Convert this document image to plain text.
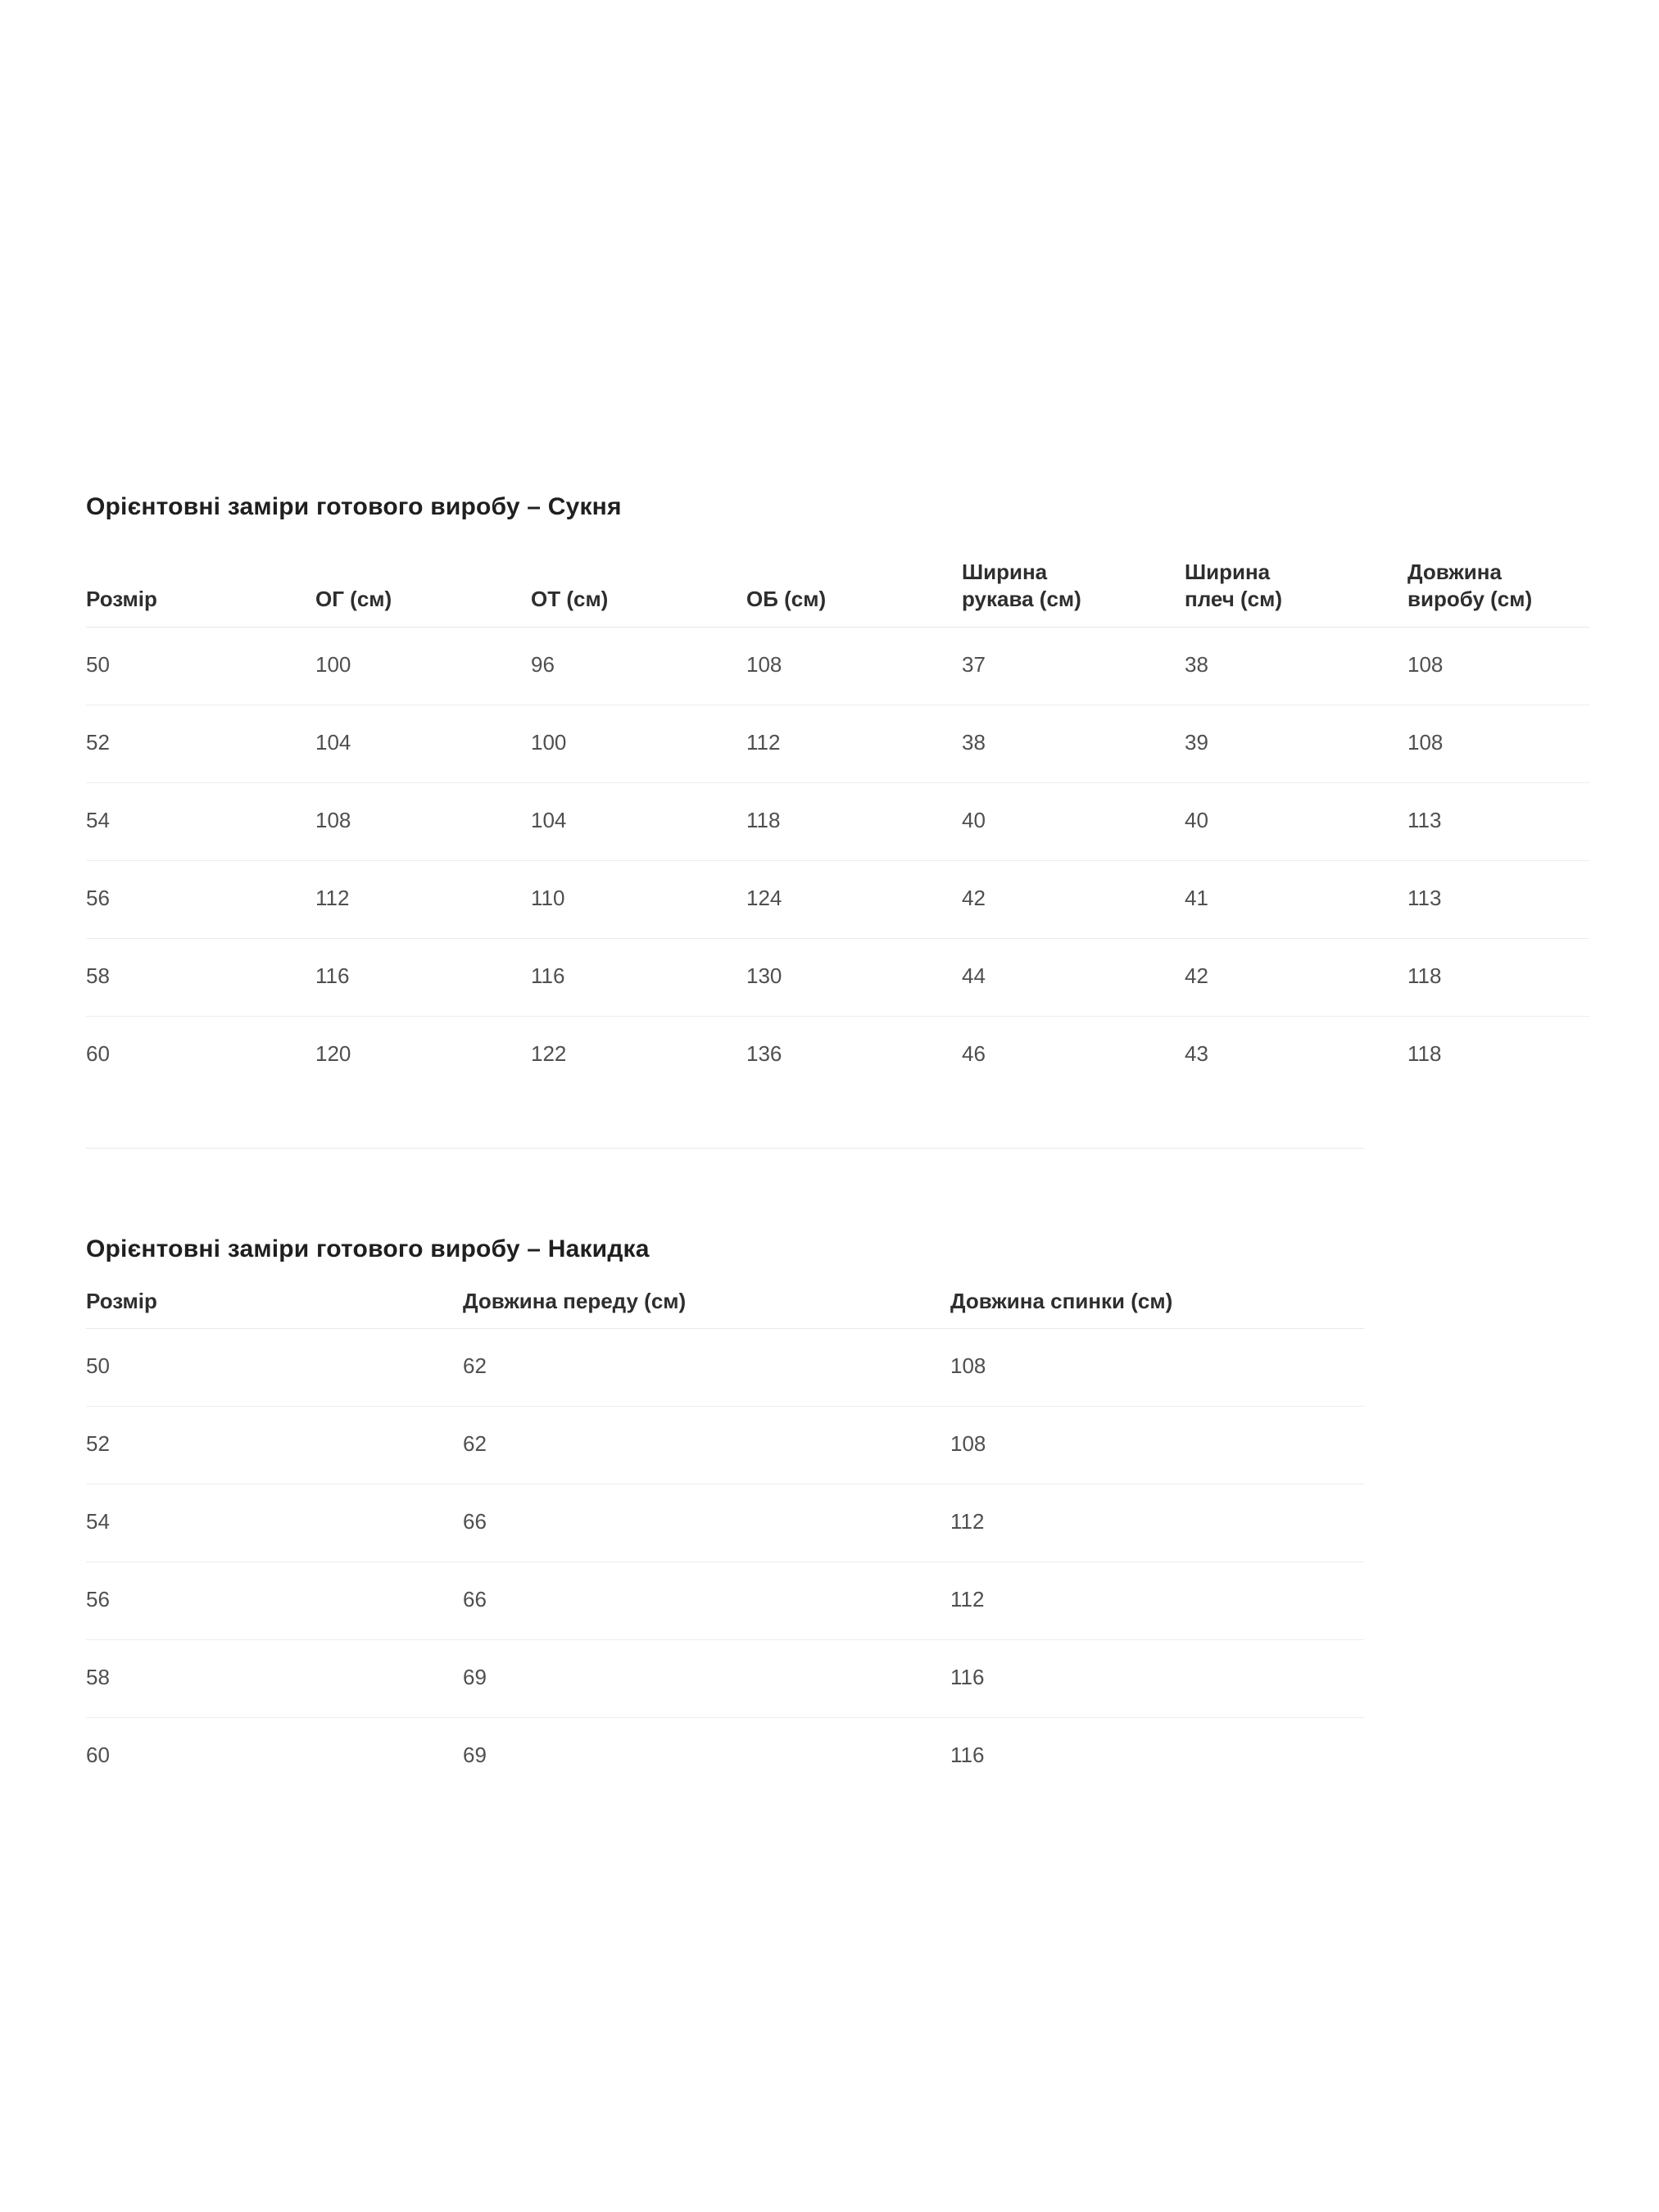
Орієнтовні заміри готового виробу – Сукня
Розмір	ОГ (см)	ОТ (см)	ОБ (см)	Ширина рукава (см)	Ширина плеч (см)	Довжина виробу (см)
50	100	96	108	37	38	108
52	104	100	112	38	39	108
54	108	104	118	40	40	113
56	112	110	124	42	41	113
58	116	116	130	44	42	118
60	120	122	136	46	43	118
Орієнтовні заміри готового виробу – Накидка
Розмір	Довжина переду (см)	Довжина спинки (см)
50	62	108
52	62	108
54	66	112
56	66	112
58	69	116
60	69	116
